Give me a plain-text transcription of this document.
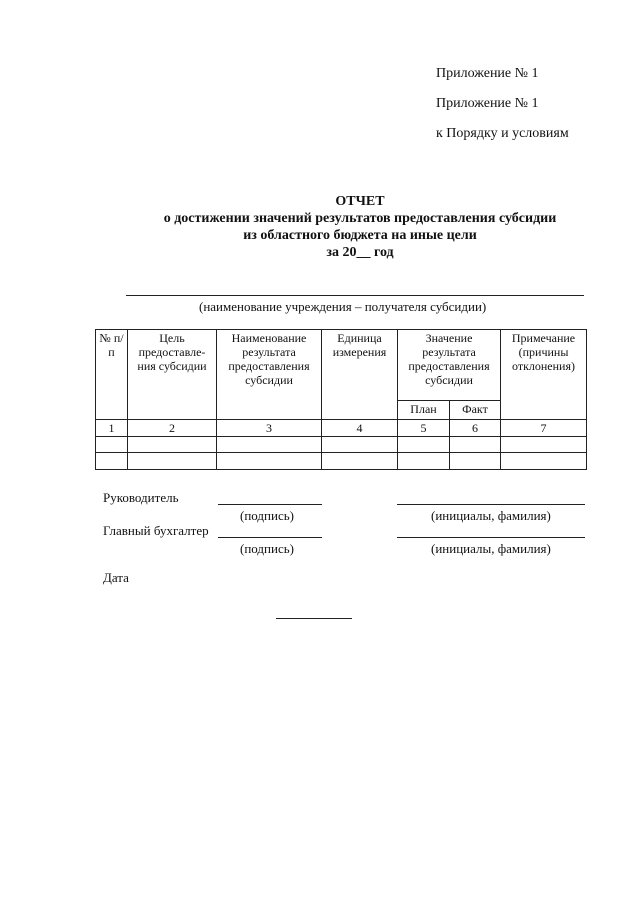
Приложение № 1
Приложение № 1
к Порядку и условиям
ОТЧЕТ
о достижении значений результатов предоставления субсидии
из областного бюджета на иные цели
за 20__ год
(наименование учреждения – получателя субсидии)
№ п/п	Цель предоставле-ния субсидии	Наименование результата предоставления субсидии	Единица измерения	Значение результата предоставления субсидии		Примечание (причины отклонения)
				План	Факт	
1	2	3	4	5	6	7

Руководитель
(подпись)	(инициалы, фамилия)
Главный бухгалтер
(подпись)	(инициалы, фамилия)
Дата
